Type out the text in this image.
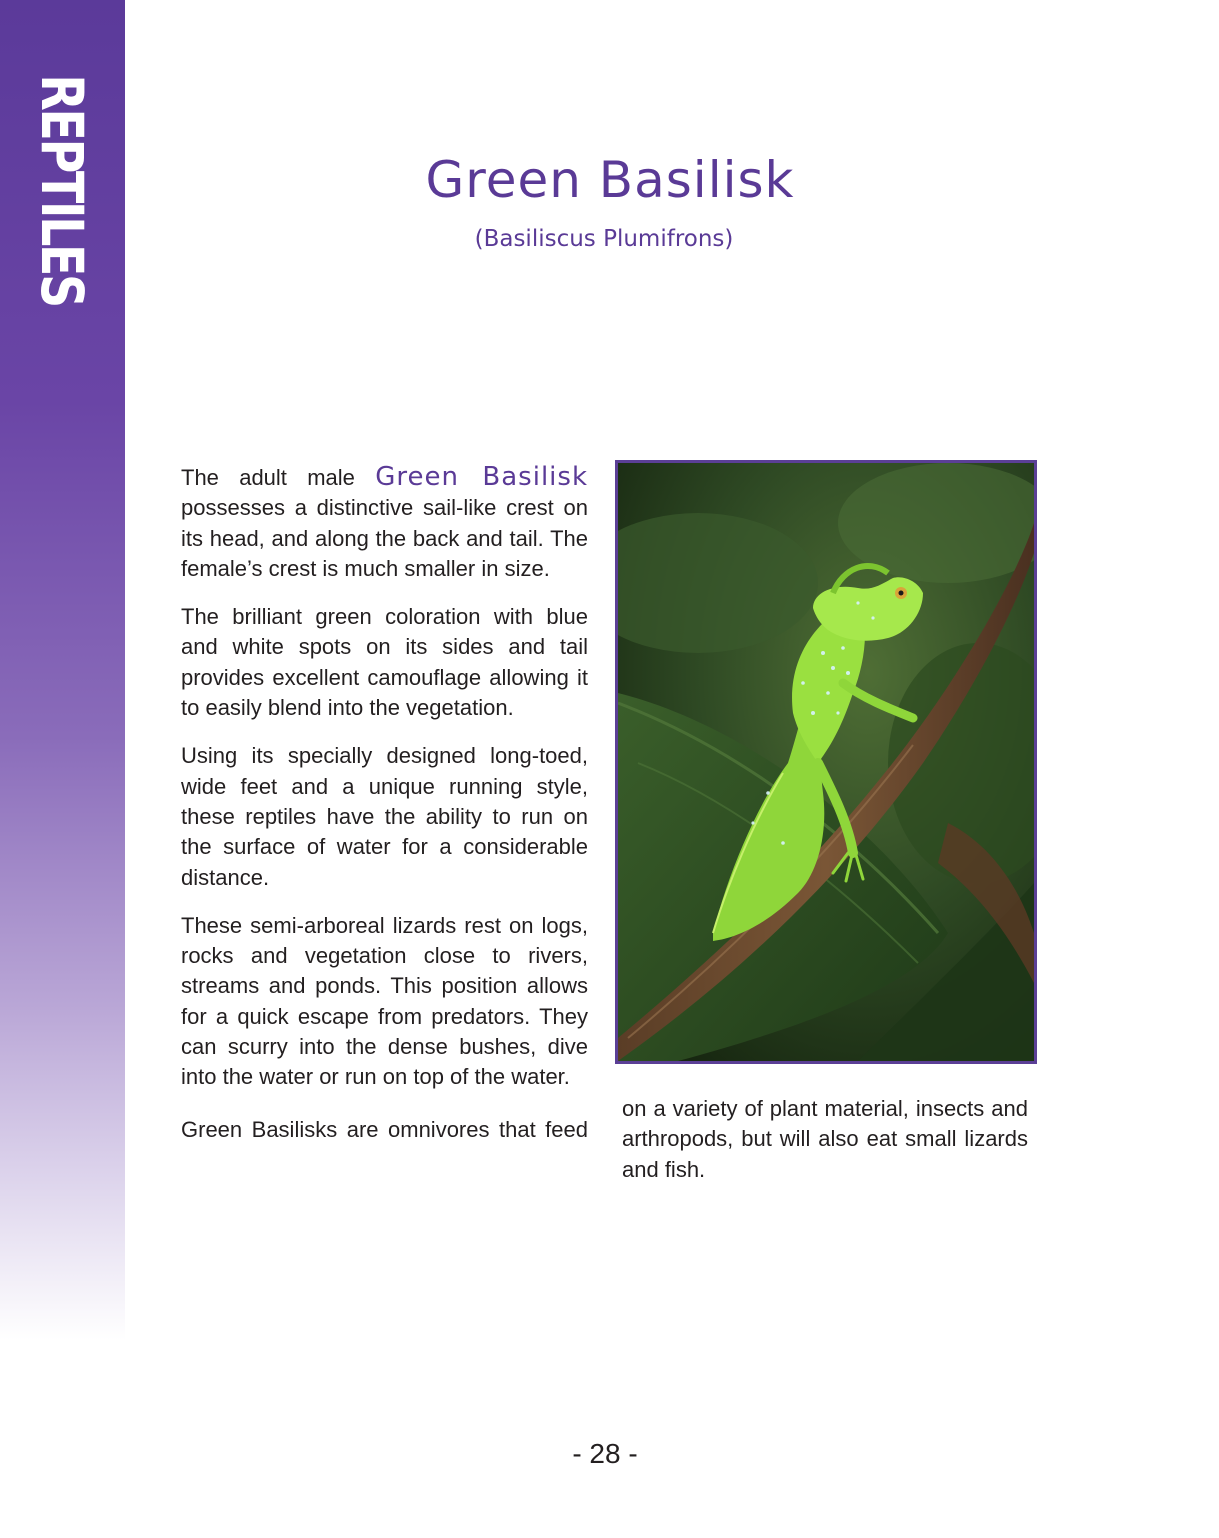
REPTILES	Green Basilisk
(Basiliscus Plumifrons)

The adult male Green Basilisk possesses a distinctive sail-like crest on its head, and along the back and tail. The female’s crest is much smaller in size.

The brilliant green coloration with blue and white spots on its sides and tail provides excellent camouflage allowing it to easily blend into the vegetation.

Using its specially designed long-toed, wide feet and a unique running style, these reptiles have the ability to run on the surface of water for a considerable distance.

These semi-arboreal lizards rest on logs, rocks and vegetation close to rivers, streams and ponds. This position allows for a quick escape from predators. They can scurry into the dense bushes, dive into the water or run on top of the water.

Green Basilisks are omnivores that feed

on a variety of plant material, insects and arthropods, but will also eat small lizards and fish.

- 28 -
